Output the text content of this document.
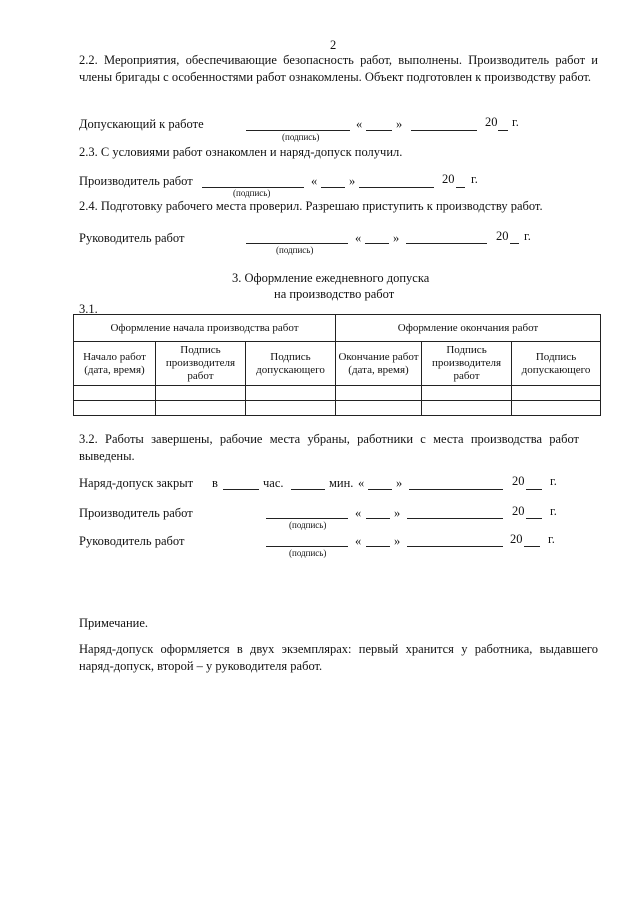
2
2.2. Мероприятия, обеспечивающие безопасность работ, выполнены. Производитель работ и члены бригады с особенностями работ ознакомлены. Объект подготовлен к производству работ.
Допускающий к работе
(подпись)
«	»	20 г.
2.3. С условиями работ ознакомлен и наряд-допуск получил.
Производитель работ
(подпись)
«	»	20 г.
2.4. Подготовку рабочего места проверил. Разрешаю приступить к производству работ.
Руководитель работ
(подпись)
«	»	20 г.
3. Оформление ежедневного допуска
на производство работ
3.1.
Оформление начала производства работ			Оформление окончания работ		
Начало работ (дата, время)	Подпись производителя работ	Подпись допускающего	Окончание работ (дата, время)	Подпись производителя работ	Подпись допускающего

3.2. Работы завершены, рабочие места убраны, работники с места производства работ выведены.
Наряд-допуск закрыт в	час.	мин. «	»	20 г.
Производитель работ
(подпись)
«	»	20 г.
Руководитель работ
(подпись)
«	»	20 г.
Примечание.
Наряд-допуск оформляется в двух экземплярах: первый хранится у работника, выдавшего наряд-допуск, второй – у руководителя работ.
